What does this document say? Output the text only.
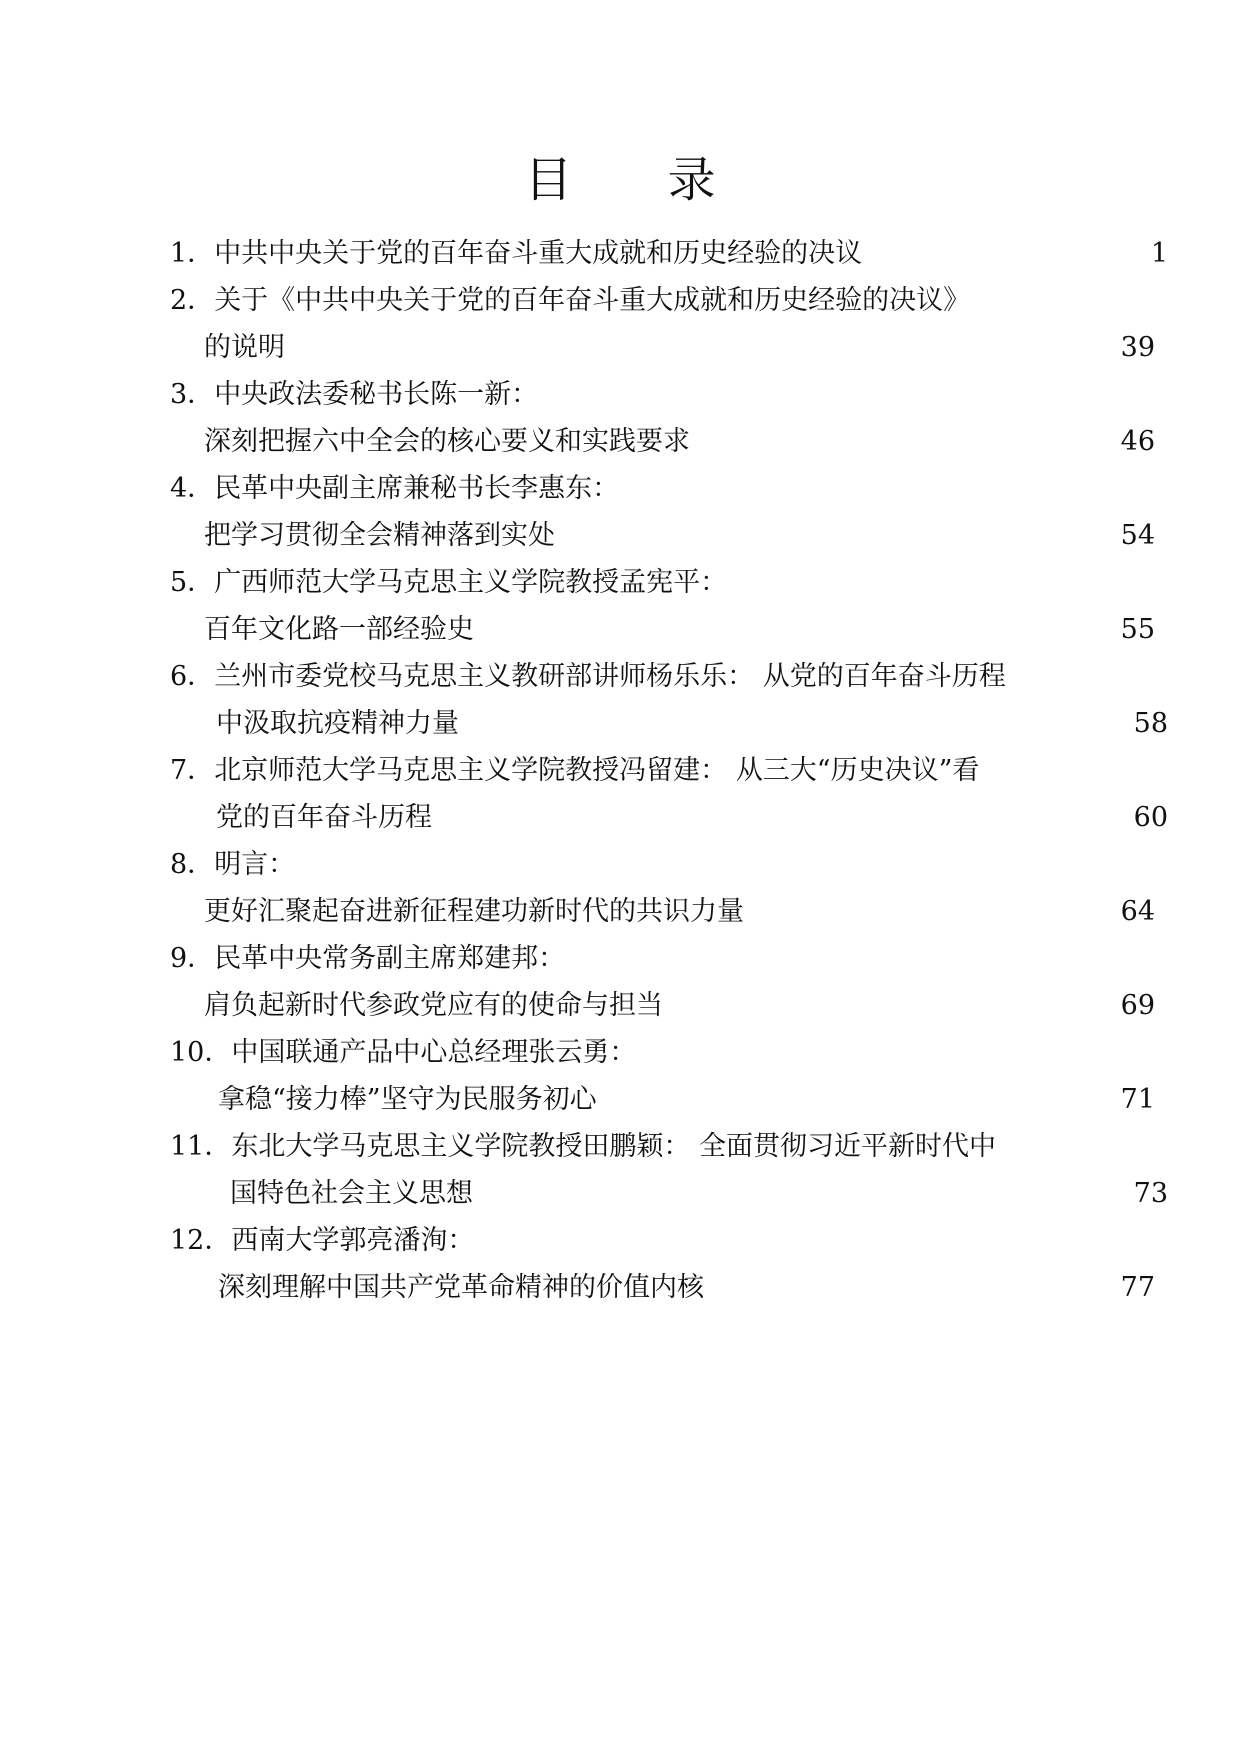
目 录
1．中共中央关于党的百年奋斗重大成就和历史经验的决议	1
2．关于《中共中央关于党的百年奋斗重大成就和历史经验的决议》
的说明	39
3．中央政法委秘书长陈一新：
深刻把握六中全会的核心要义和实践要求	46
4．民革中央副主席兼秘书长李惠东：
把学习贯彻全会精神落到实处	54
5．广西师范大学马克思主义学院教授孟宪平：
百年文化路一部经验史	55
6．兰州市委党校马克思主义教研部讲师杨乐乐： 从党的百年奋斗历程
中汲取抗疫精神力量	58
7．北京师范大学马克思主义学院教授冯留建： 从三大“历史决议”看
党的百年奋斗历程	60
8．明言：
更好汇聚起奋进新征程建功新时代的共识力量	64
9．民革中央常务副主席郑建邦：
肩负起新时代参政党应有的使命与担当	69
10．中国联通产品中心总经理张云勇：
拿稳“接力棒”坚守为民服务初心	71
11．东北大学马克思主义学院教授田鹏颖： 全面贯彻习近平新时代中
国特色社会主义思想	73
12．西南大学郭亮潘洵：
深刻理解中国共产党革命精神的价值内核	77
